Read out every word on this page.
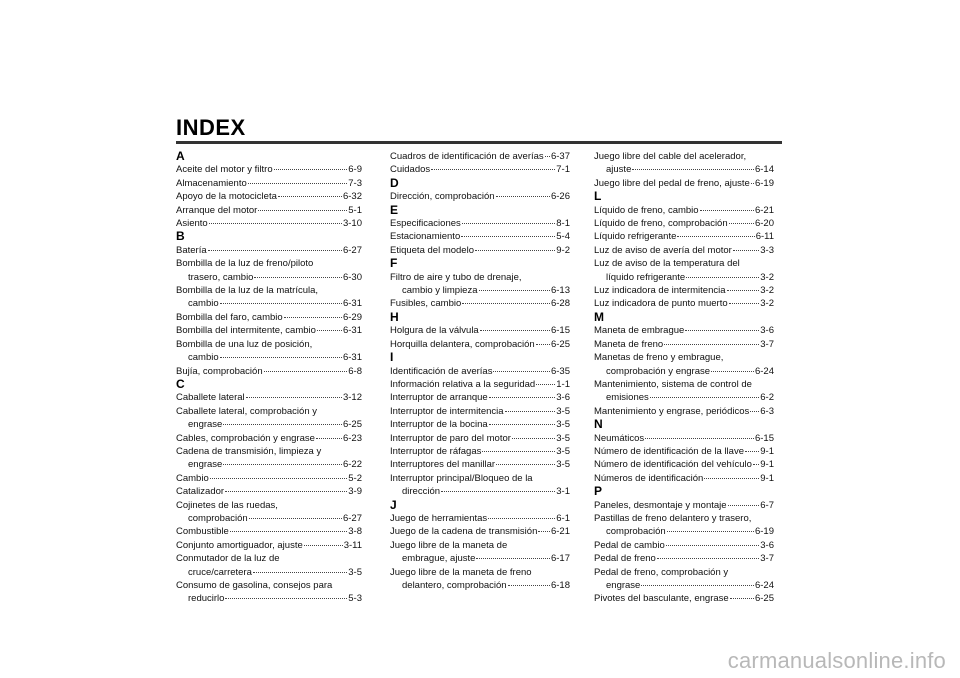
INDEX
A
Aceite del motor y filtro	6-9
Almacenamiento	7-3
Apoyo de la motocicleta	6-32
Arranque del motor	5-1
Asiento	3-10
B
Batería	6-27
Bombilla de la luz de freno/piloto
trasero, cambio	6-30
Bombilla de la luz de la matrícula,
cambio	6-31
Bombilla del faro, cambio	6-29
Bombilla del intermitente, cambio	6-31
Bombilla de una luz de posición,
cambio	6-31
Bujía, comprobación	6-8
C
Caballete lateral	3-12
Caballete lateral, comprobación y
engrase	6-25
Cables, comprobación y engrase	6-23
Cadena de transmisión, limpieza y
engrase	6-22
Cambio	5-2
Catalizador	3-9
Cojinetes de las ruedas,
comprobación	6-27
Combustible	3-8
Conjunto amortiguador, ajuste	3-11
Conmutador de la luz de
cruce/carretera	3-5
Consumo de gasolina, consejos para
reducirlo	5-3
Cuadros de identificación de averías 6-37
Cuidados	7-1
D
Dirección, comprobación	6-26
E
Especificaciones	8-1
Estacionamiento	5-4
Etiqueta del modelo	9-2
F
Filtro de aire y tubo de drenaje,
cambio y limpieza	6-13
Fusibles, cambio	6-28
H
Holgura de la válvula	6-15
Horquilla delantera, comprobación 6-25
I
Identificación de averías	6-35
Información relativa a la seguridad 1-1
Interruptor de arranque	3-6
Interruptor de intermitencia	3-5
Interruptor de la bocina	3-5
Interruptor de paro del motor	3-5
Interruptor de ráfagas	3-5
Interruptores del manillar	3-5
Interruptor principal/Bloqueo de la
dirección	3-1
J
Juego de herramientas	6-1
Juego de la cadena de transmisión 6-21
Juego libre de la maneta de
embrague, ajuste	6-17
Juego libre de la maneta de freno
delantero, comprobación	6-18
Juego libre del cable del acelerador,
ajuste	6-14
Juego libre del pedal de freno, ajuste 6-19
L
Líquido de freno, cambio	6-21
Líquido de freno, comprobación	6-20
Líquido refrigerante	6-11
Luz de aviso de avería del motor	3-3
Luz de aviso de la temperatura del
líquido refrigerante	3-2
Luz indicadora de intermitencia	3-2
Luz indicadora de punto muerto	3-2
M
Maneta de embrague	3-6
Maneta de freno	3-7
Manetas de freno y embrague,
comprobación y engrase	6-24
Mantenimiento, sistema de control de
emisiones	6-2
Mantenimiento y engrase, periódicos 6-3
N
Neumáticos	6-15
Número de identificación de la llave 9-1
Número de identificación del vehículo 9-1
Números de identificación	9-1
P
Paneles, desmontaje y montaje	6-7
Pastillas de freno delantero y trasero,
comprobación	6-19
Pedal de cambio	3-6
Pedal de freno	3-7
Pedal de freno, comprobación y
engrase	6-24
Pivotes del basculante, engrase	6-25
carmanualsonline.info
